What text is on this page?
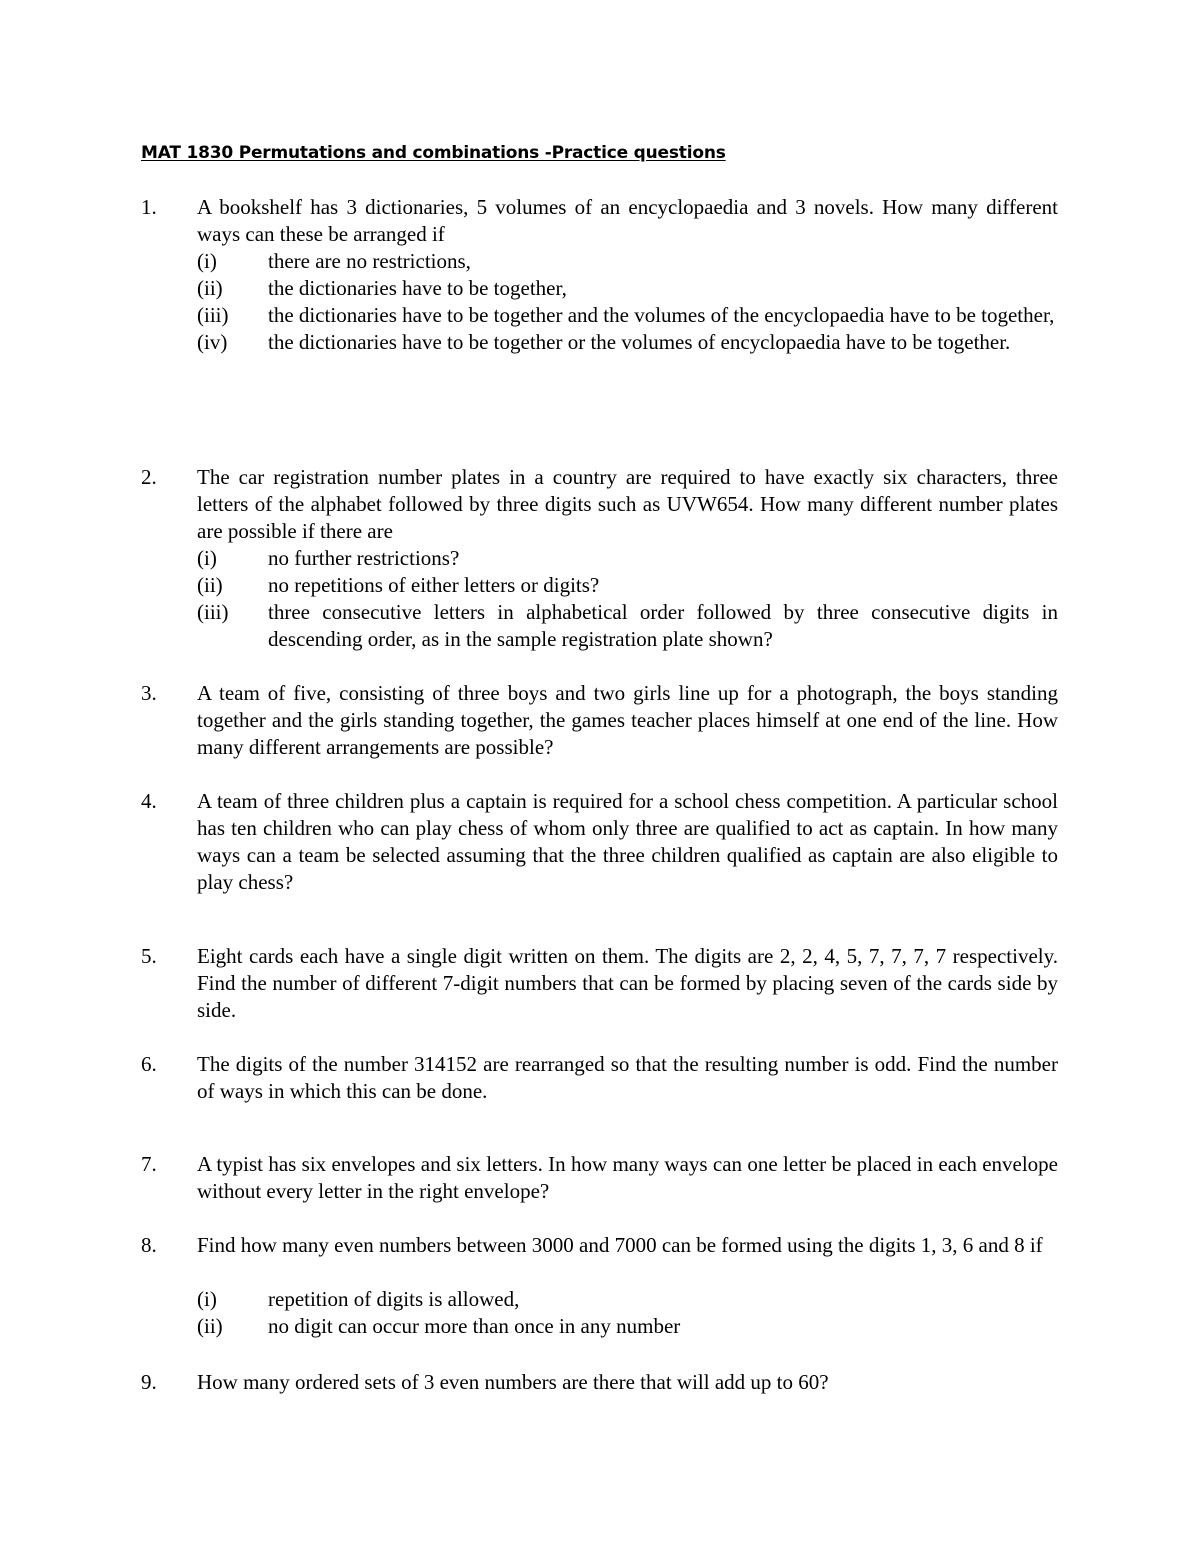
MAT 1830 Permutations and combinations -Practice questions
1.	A bookshelf has 3 dictionaries, 5 volumes of an encyclopaedia and 3 novels. How many different ways can these be arranged if

(i)	there are no restrictions,
(ii)	the dictionaries have to be together,
(iii)	the dictionaries have to be together and the volumes of the encyclopaedia have to be together,
(iv)	the dictionaries have to be together or the volumes of encyclopaedia have to be together.
2.	The car registration number plates in a country are required to have exactly six characters, three letters of the alphabet followed by three digits such as UVW654. How many different number plates are possible if there are

(i)	no further restrictions?
(ii)	no repetitions of either letters or digits?
(iii)	three consecutive letters in alphabetical order followed by three consecutive digits in descending order, as in the sample registration plate shown?
3.	A team of five, consisting of three boys and two girls line up for a photograph, the boys standing together and the girls standing together, the games teacher places himself at one end of the line. How many different arrangements are possible?

4.	A team of three children plus a captain is required for a school chess competition. A particular school has ten children who can play chess of whom only three are qualified to act as captain. In how many ways can a team be selected assuming that the three children qualified as captain are also eligible to play chess?

5.	Eight cards each have a single digit written on them. The digits are 2, 2, 4, 5, 7, 7, 7, 7 respectively. Find the number of different 7-digit numbers that can be formed by placing seven of the cards side by side.

6.	The digits of the number 314152 are rearranged so that the resulting number is odd. Find the number of ways in which this can be done.

7.	A typist has six envelopes and six letters. In how many ways can one letter be placed in each envelope without every letter in the right envelope?

8.	Find how many even numbers between 3000 and 7000 can be formed using the digits 1, 3, 6 and 8 if

(i)	repetition of digits is allowed,
(ii)	no digit can occur more than once in any number
9.	How many ordered sets of 3 even numbers are there that will add up to 60?
